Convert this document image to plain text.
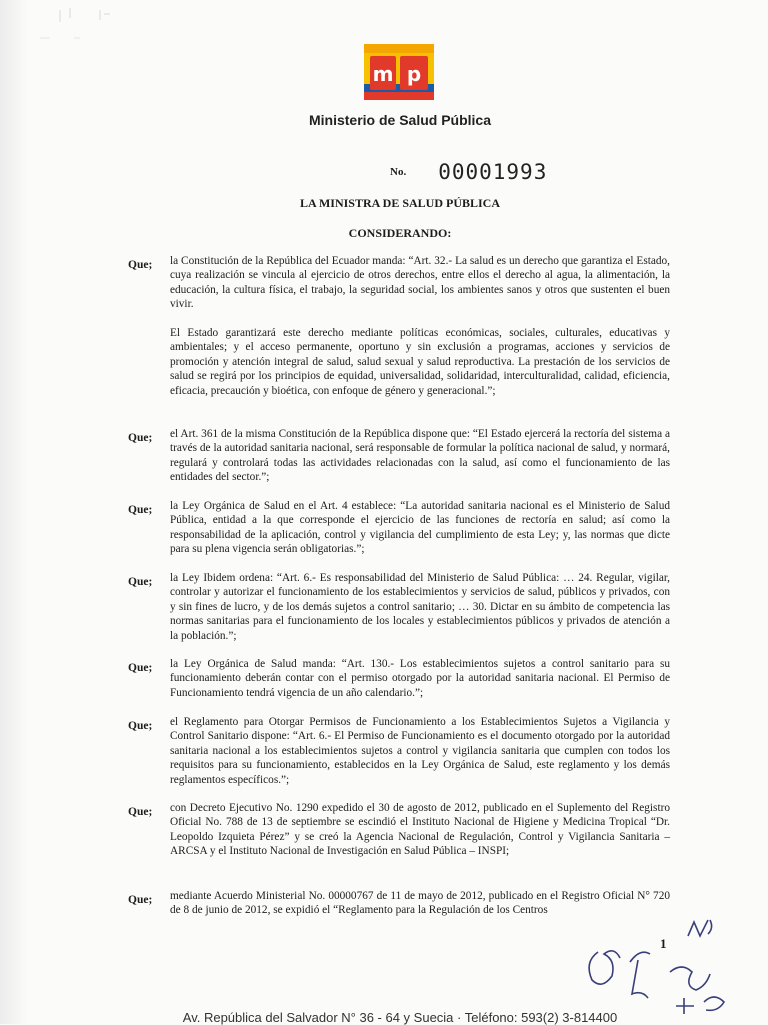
m p
Ministerio de Salud Pública
No. 00001993
LA MINISTRA DE SALUD PÚBLICA
CONSIDERANDO:
Que; la Constitución de la República del Ecuador manda: “Art. 32.- La salud es un derecho que garantiza el Estado, cuya realización se vincula al ejercicio de otros derechos, entre ellos el derecho al agua, la alimentación, la educación, la cultura física, el trabajo, la seguridad social, los ambientes sanos y otros que sustenten el buen vivir.
El Estado garantizará este derecho mediante políticas económicas, sociales, culturales, educativas y ambientales; y el acceso permanente, oportuno y sin exclusión a programas, acciones y servicios de promoción y atención integral de salud, salud sexual y salud reproductiva. La prestación de los servicios de salud se regirá por los principios de equidad, universalidad, solidaridad, interculturalidad, calidad, eficiencia, eficacia, precaución y bioética, con enfoque de género y generacional.”;
Que; el Art. 361 de la misma Constitución de la República dispone que: “El Estado ejercerá la rectoría del sistema a través de la autoridad sanitaria nacional, será responsable de formular la política nacional de salud, y normará, regulará y controlará todas las actividades relacionadas con la salud, así como el funcionamiento de las entidades del sector.”;
Que; la Ley Orgánica de Salud en el Art. 4 establece: “La autoridad sanitaria nacional es el Ministerio de Salud Pública, entidad a la que corresponde el ejercicio de las funciones de rectoría en salud; así como la responsabilidad de la aplicación, control y vigilancia del cumplimiento de esta Ley; y, las normas que dicte para su plena vigencia serán obligatorias.”;
Que; la Ley Ibidem ordena: “Art. 6.- Es responsabilidad del Ministerio de Salud Pública: … 24. Regular, vigilar, controlar y autorizar el funcionamiento de los establecimientos y servicios de salud, públicos y privados, con y sin fines de lucro, y de los demás sujetos a control sanitario; … 30. Dictar en su ámbito de competencia las normas sanitarias para el funcionamiento de los locales y establecimientos públicos y privados de atención a la población.”;
Que; la Ley Orgánica de Salud manda: “Art. 130.- Los establecimientos sujetos a control sanitario para su funcionamiento deberán contar con el permiso otorgado por la autoridad sanitaria nacional. El Permiso de Funcionamiento tendrá vigencia de un año calendario.”;
Que; el Reglamento para Otorgar Permisos de Funcionamiento a los Establecimientos Sujetos a Vigilancia y Control Sanitario dispone: “Art. 6.- El Permiso de Funcionamiento es el documento otorgado por la autoridad sanitaria nacional a los establecimientos sujetos a control y vigilancia sanitaria que cumplen con todos los requisitos para su funcionamiento, establecidos en la Ley Orgánica de Salud, este reglamento y los demás reglamentos específicos.”;
Que; con Decreto Ejecutivo No. 1290 expedido el 30 de agosto de 2012, publicado en el Suplemento del Registro Oficial No. 788 de 13 de septiembre se escindió el Instituto Nacional de Higiene y Medicina Tropical “Dr. Leopoldo Izquieta Pérez” y se creó la Agencia Nacional de Regulación, Control y Vigilancia Sanitaria – ARCSA y el Instituto Nacional de Investigación en Salud Pública – INSPI;
Que; mediante Acuerdo Ministerial No. 00000767 de 11 de mayo de 2012, publicado en el Registro Oficial N° 720 de 8 de junio de 2012, se expidió el “Reglamento para la Regulación de los Centros
1
Av. República del Salvador N° 36 - 64 y Suecia · Teléfono: 593(2) 3-814400
